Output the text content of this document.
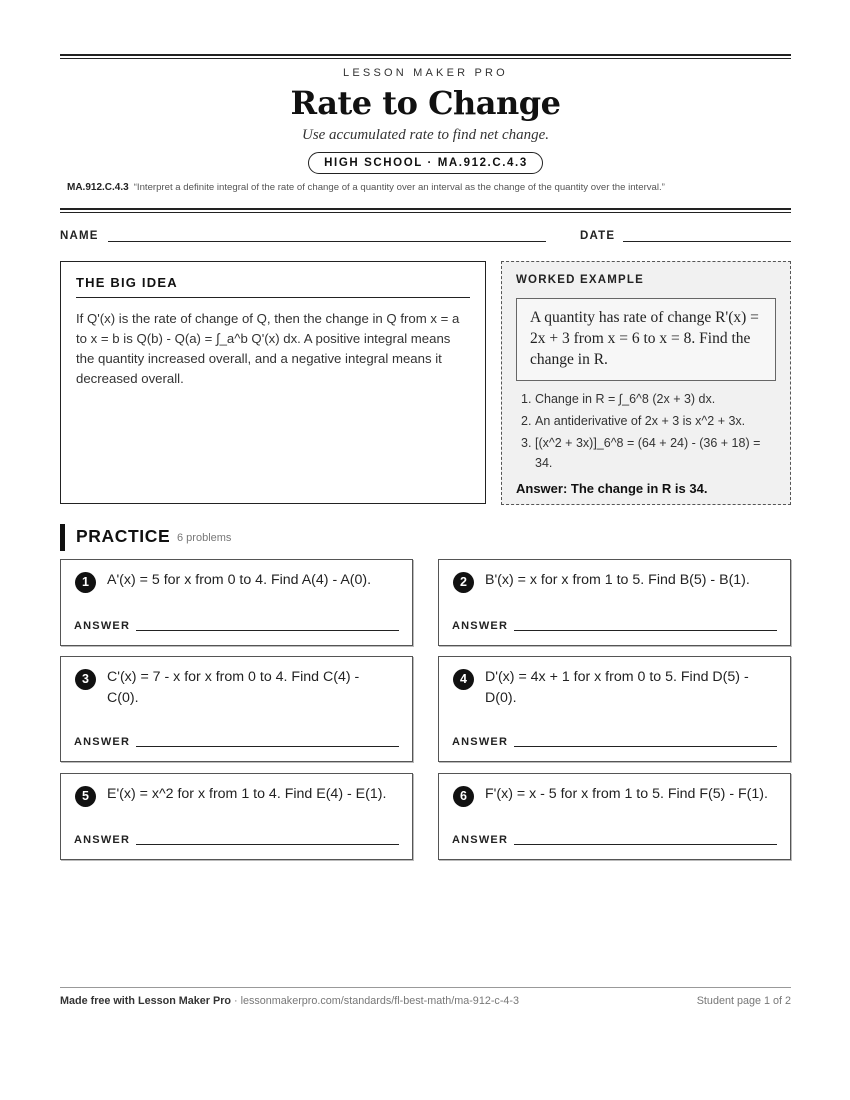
LESSON MAKER PRO
Rate to Change
Use accumulated rate to find net change.
HIGH SCHOOL · MA.912.C.4.3
MA.912.C.4.3 “Interpret a definite integral of the rate of change of a quantity over an interval as the change of the quantity over the interval.”
NAME	DATE
THE BIG IDEA

If Q'(x) is the rate of change of Q, then the change in Q from x = a to x = b is Q(b) - Q(a) = ∫_a^b Q'(x) dx. A positive integral means the quantity increased overall, and a negative integral means it decreased overall.

WORKED EXAMPLE
A quantity has rate of change R'(x) = 2x + 3 from x = 6 to x = 8. Find the change in R.
1. Change in R = ∫_6^8 (2x + 3) dx.
2. An antiderivative of 2x + 3 is x^2 + 3x.
3. [(x^2 + 3x)]_6^8 = (64 + 24) - (36 + 18) = 34.
Answer: The change in R is 34.
PRACTICE 6 problems
1	A'(x) = 5 for x from 0 to 4. Find A(4) - A(0).
ANSWER
2	B'(x) = x for x from 1 to 5. Find B(5) - B(1).
ANSWER
3	C'(x) = 7 - x for x from 0 to 4. Find C(4) - C(0).
ANSWER
4	D'(x) = 4x + 1 for x from 0 to 5. Find D(5) - D(0).
ANSWER
5	E'(x) = x^2 for x from 1 to 4. Find E(4) - E(1).
ANSWER
6	F'(x) = x - 5 for x from 1 to 5. Find F(5) - F(1).
ANSWER
Made free with Lesson Maker Pro · lessonmakerpro.com/standards/fl-best-math/ma-912-c-4-3	Student page 1 of 2
